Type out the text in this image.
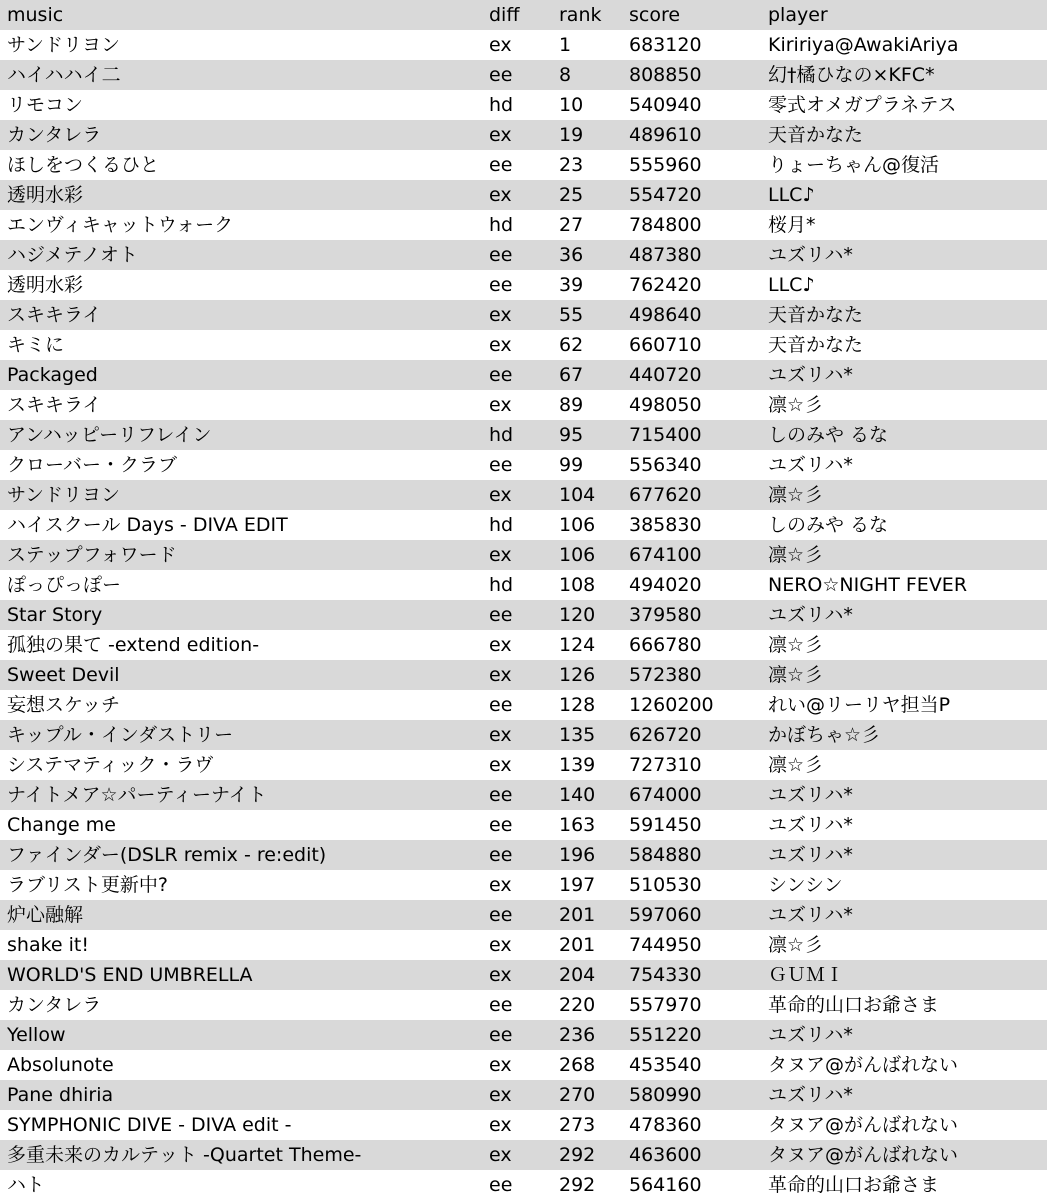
music	diff	rank	score	player
サンドリヨン	ex	1	683120	Kiririya@AwakiAriya
ハイハハイ二	ee	8	808850	幻†橘ひなの×KFC*
リモコン	hd	10	540940	零式オメガプラネテス
カンタレラ	ex	19	489610	天音かなた
ほしをつくるひと	ee	23	555960	りょーちゃん@復活
透明水彩	ex	25	554720	LLC♪
エンヴィキャットウォーク	hd	27	784800	桜月*
ハジメテノオト	ee	36	487380	ユズリハ*
透明水彩	ee	39	762420	LLC♪
スキキライ	ex	55	498640	天音かなた
キミに	ex	62	660710	天音かなた
Packaged	ee	67	440720	ユズリハ*
スキキライ	ex	89	498050	凛☆彡
アンハッピーリフレイン	hd	95	715400	しのみや るな
クローバー・クラブ	ee	99	556340	ユズリハ*
サンドリヨン	ex	104	677620	凛☆彡
ハイスクール Days - DIVA EDIT	hd	106	385830	しのみや るな
ステップフォワード	ex	106	674100	凛☆彡
ぽっぴっぽー	hd	108	494020	NERO☆NIGHT FEVER
Star Story	ee	120	379580	ユズリハ*
孤独の果て -extend edition-	ex	124	666780	凛☆彡
Sweet Devil	ex	126	572380	凛☆彡
妄想スケッチ	ee	128	1260200	れい@リーリヤ担当P
キップル・インダストリー	ex	135	626720	かぼちゃ☆彡
システマティック・ラヴ	ex	139	727310	凛☆彡
ナイトメア☆パーティーナイト	ee	140	674000	ユズリハ*
Change me	ee	163	591450	ユズリハ*
ファインダー(DSLR remix - re:edit)	ee	196	584880	ユズリハ*
ラブリスト更新中?	ex	197	510530	シンシン
炉心融解	ee	201	597060	ユズリハ*
shake it!	ex	201	744950	凛☆彡
WORLD'S END UMBRELLA	ex	204	754330	ＧＵＭＩ
カンタレラ	ee	220	557970	革命的山口お爺さま
Yellow	ee	236	551220	ユズリハ*
Absolunote	ex	268	453540	タヌア@がんばれない
Pane dhiria	ex	270	580990	ユズリハ*
SYMPHONIC DIVE - DIVA edit -	ex	273	478360	タヌア@がんばれない
多重未来のカルテット -Quartet Theme-	ex	292	463600	タヌア@がんばれない
ハト	ee	292	564160	革命的山口お爺さま
